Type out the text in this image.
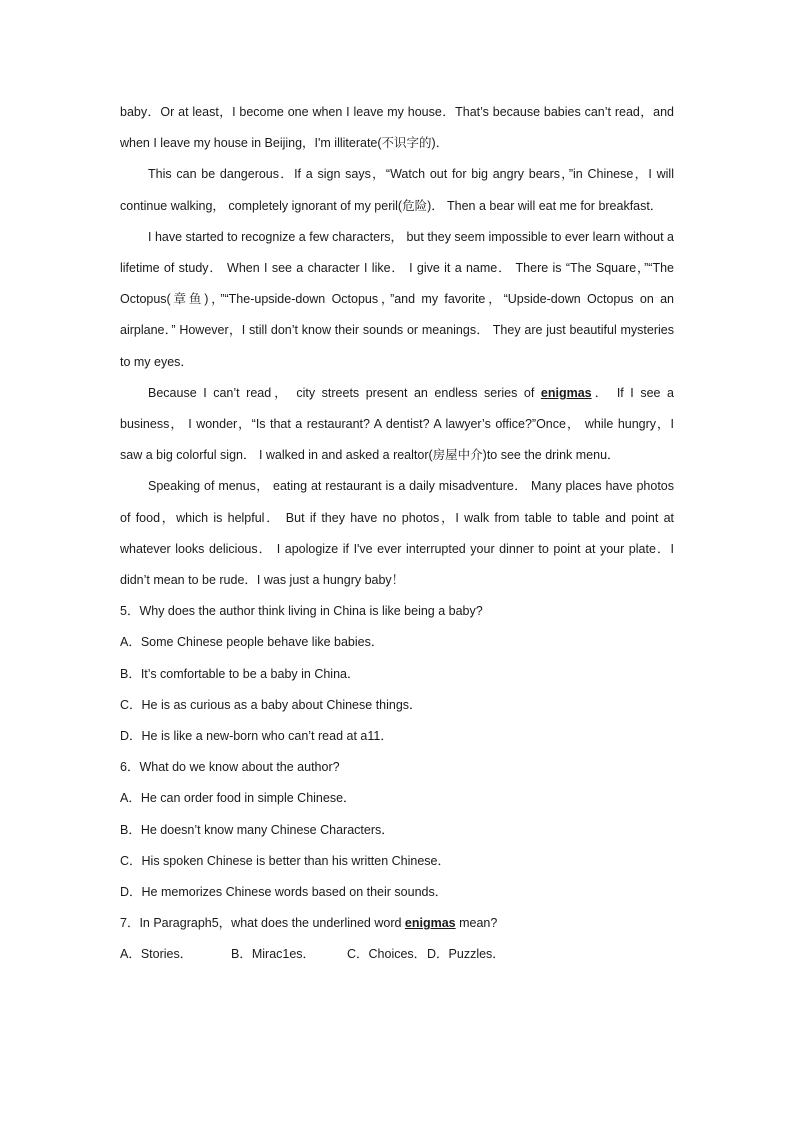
baby．Or at least，I become one when I leave my house．That’s because babies can’t read，and when I leave my house in Beijing，I'm illiterate(不识字的)．

This can be dangerous．If a sign says，“Watch out for big angry bears，”in Chinese，I will continue walking， completely ignorant of my peril(危险)． Then a bear will eat me for breakfast．

I have started to recognize a few characters， but they seem impossible to ever learn without a lifetime of study． When I see a character I like． I give it a name． There is “The Square，”“The Octopus(章鱼)，”“The-upside-down Octopus，”and my favorite，“Upside-down Octopus on an airplane．” However，I still don’t know their sounds or meanings． They are just beautiful mysteries to my eyes．

Because I can’t read， city streets present an endless series of enigmas． If I see a business， I wonder，“Is that a restaurant? A dentist? A lawyer’s office?”Once， while hungry，I saw a big colorful sign． I walked in and asked a realtor(房屋中介)to see the drink menu．

Speaking of menus， eating at restaurant is a daily misadventure． Many places have photos of food，which is helpful． But if they have no photos，I walk from table to table and point at whatever looks delicious． I apologize if I've ever interrupted your dinner to point at your plate．I didn’t mean to be rude．I was just a hungry baby！

5．Why does the author think living in China is like being a baby?

A．Some Chinese people behave like babies．

B．It’s comfortable to be a baby in China．

C．He is as curious as a baby about Chinese things．

D．He is like a new-born who can’t read at a11．

6．What do we know about the author?

A．He can order food in simple Chinese．

B．He doesn’t know many Chinese Characters．

C．His spoken Chinese is better than his written Chinese．

D．He memorizes Chinese words based on their sounds．

7．In Paragraph5，what does the underlined word enigmas mean?

A．Stories．	B．Mirac1es．	C．Choices．D．Puzzles．
